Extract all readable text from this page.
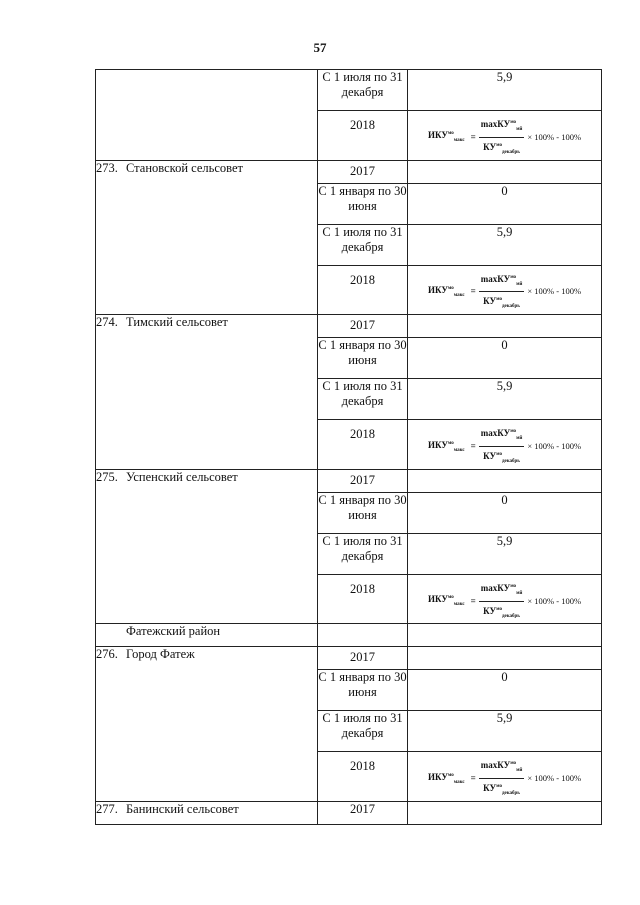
57
	С 1 июля по 31 декабря	5,9
	2018	$ИКУ^{мо}_{макс} = \frac{\max КУ^{мо}_{мй}}{КУ^{мо}_{декабрь}} \times 100\% - 100\%$

273. Становской сельсовет	2017	
	С 1 января по 30 июня	0
	С 1 июля по 31 декабря	5,9
	2018	$ИКУ^{мо}_{макс} = \frac{\max КУ^{мо}_{мй}}{КУ^{мо}_{декабрь}} \times 100\% - 100\%$

274. Тимский сельсовет	2017	
	С 1 января по 30 июня	0
	С 1 июля по 31 декабря	5,9
	2018	$ИКУ^{мо}_{макс} = \frac{\max КУ^{мо}_{мй}}{КУ^{мо}_{декабрь}} \times 100\% - 100\%$

275. Успенский сельсовет	2017	
	С 1 января по 30 июня	0
	С 1 июля по 31 декабря	5,9
	2018	$ИКУ^{мо}_{макс} = \frac{\max КУ^{мо}_{мй}}{КУ^{мо}_{декабрь}} \times 100\% - 100\%$

Фатежский район		
276. Город Фатеж	2017	
	С 1 января по 30 июня	0
	С 1 июля по 31 декабря	5,9
	2018	$ИКУ^{мо}_{макс} = \frac{\max КУ^{мо}_{мй}}{КУ^{мо}_{декабрь}} \times 100\% - 100\%$

277. Банинский сельсовет	2017	
